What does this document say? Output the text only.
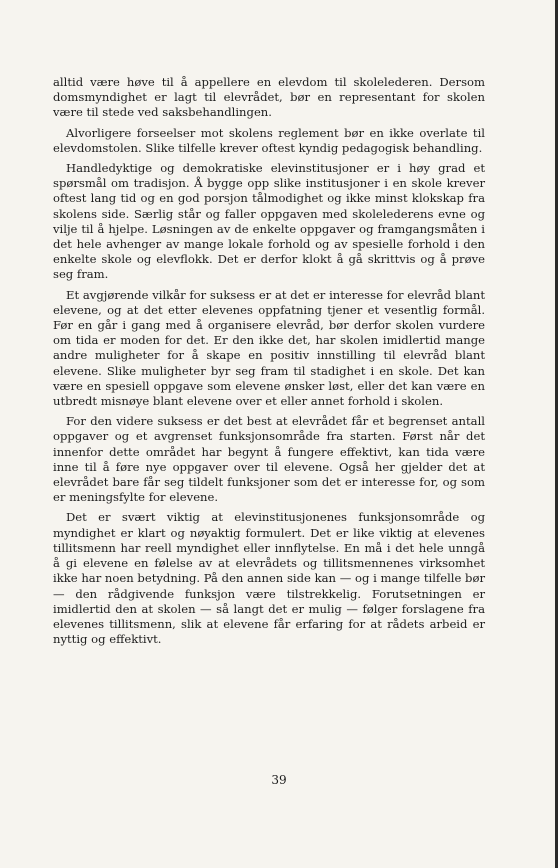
alltid være høve til å appellere en elevdom til skolelederen. Dersom domsmyndighet er lagt til elevrådet, bør en representant for skolen være til stede ved saksbehandlingen.

Alvorligere forseelser mot skolens reglement bør en ikke overlate til elevdomstolen. Slike tilfelle krever oftest kyndig pedagogisk behandling.

Handledyktige og demokratiske elevinstitusjoner er i høy grad et spørsmål om tradisjon. Å bygge opp slike institusjoner i en skole krever oftest lang tid og en god porsjon tålmodighet og ikke minst klokskap fra skolens side. Særlig står og faller oppgaven med skolelederens evne og vilje til å hjelpe. Løsningen av de enkelte oppgaver og framgangsmåten i det hele avhenger av mange lokale forhold og av spesielle forhold i den enkelte skole og elevflokk. Det er derfor klokt å gå skrittvis og å prøve seg fram.

Et avgjørende vilkår for suksess er at det er interesse for elevråd blant elevene, og at det etter elevenes oppfatning tjener et vesentlig formål. Før en går i gang med å organisere elevråd, bør derfor skolen vurdere om tida er moden for det. Er den ikke det, har skolen imidlertid mange andre muligheter for å skape en positiv innstilling til elevråd blant elevene. Slike muligheter byr seg fram til stadighet i en skole. Det kan være en spesiell oppgave som elevene ønsker løst, eller det kan være en utbredt misnøye blant elevene over et eller annet forhold i skolen.

For den videre suksess er det best at elevrådet får et begrenset antall oppgaver og et avgrenset funksjonsområde fra starten. Først når det innenfor dette området har begynt å fungere effektivt, kan tida være inne til å føre nye oppgaver over til elevene. Også her gjelder det at elevrådet bare får seg tildelt funksjoner som det er interesse for, og som er meningsfylte for elevene.

Det er svært viktig at elevinstitusjonenes funksjonsområde og myndighet er klart og nøyaktig formulert. Det er like viktig at elevenes tillitsmenn har reell myndighet eller innflytelse. En må i det hele unngå å gi elevene en følelse av at elevrådets og tillitsmennenes virksomhet ikke har noen betydning. På den annen side kan — og i mange tilfelle bør — den rådgivende funksjon være tilstrekkelig. Forutsetningen er imidlertid den at skolen — så langt det er mulig — følger forslagene fra elevenes tillitsmenn, slik at elevene får erfaring for at rådets arbeid er nyttig og effektivt.

39
